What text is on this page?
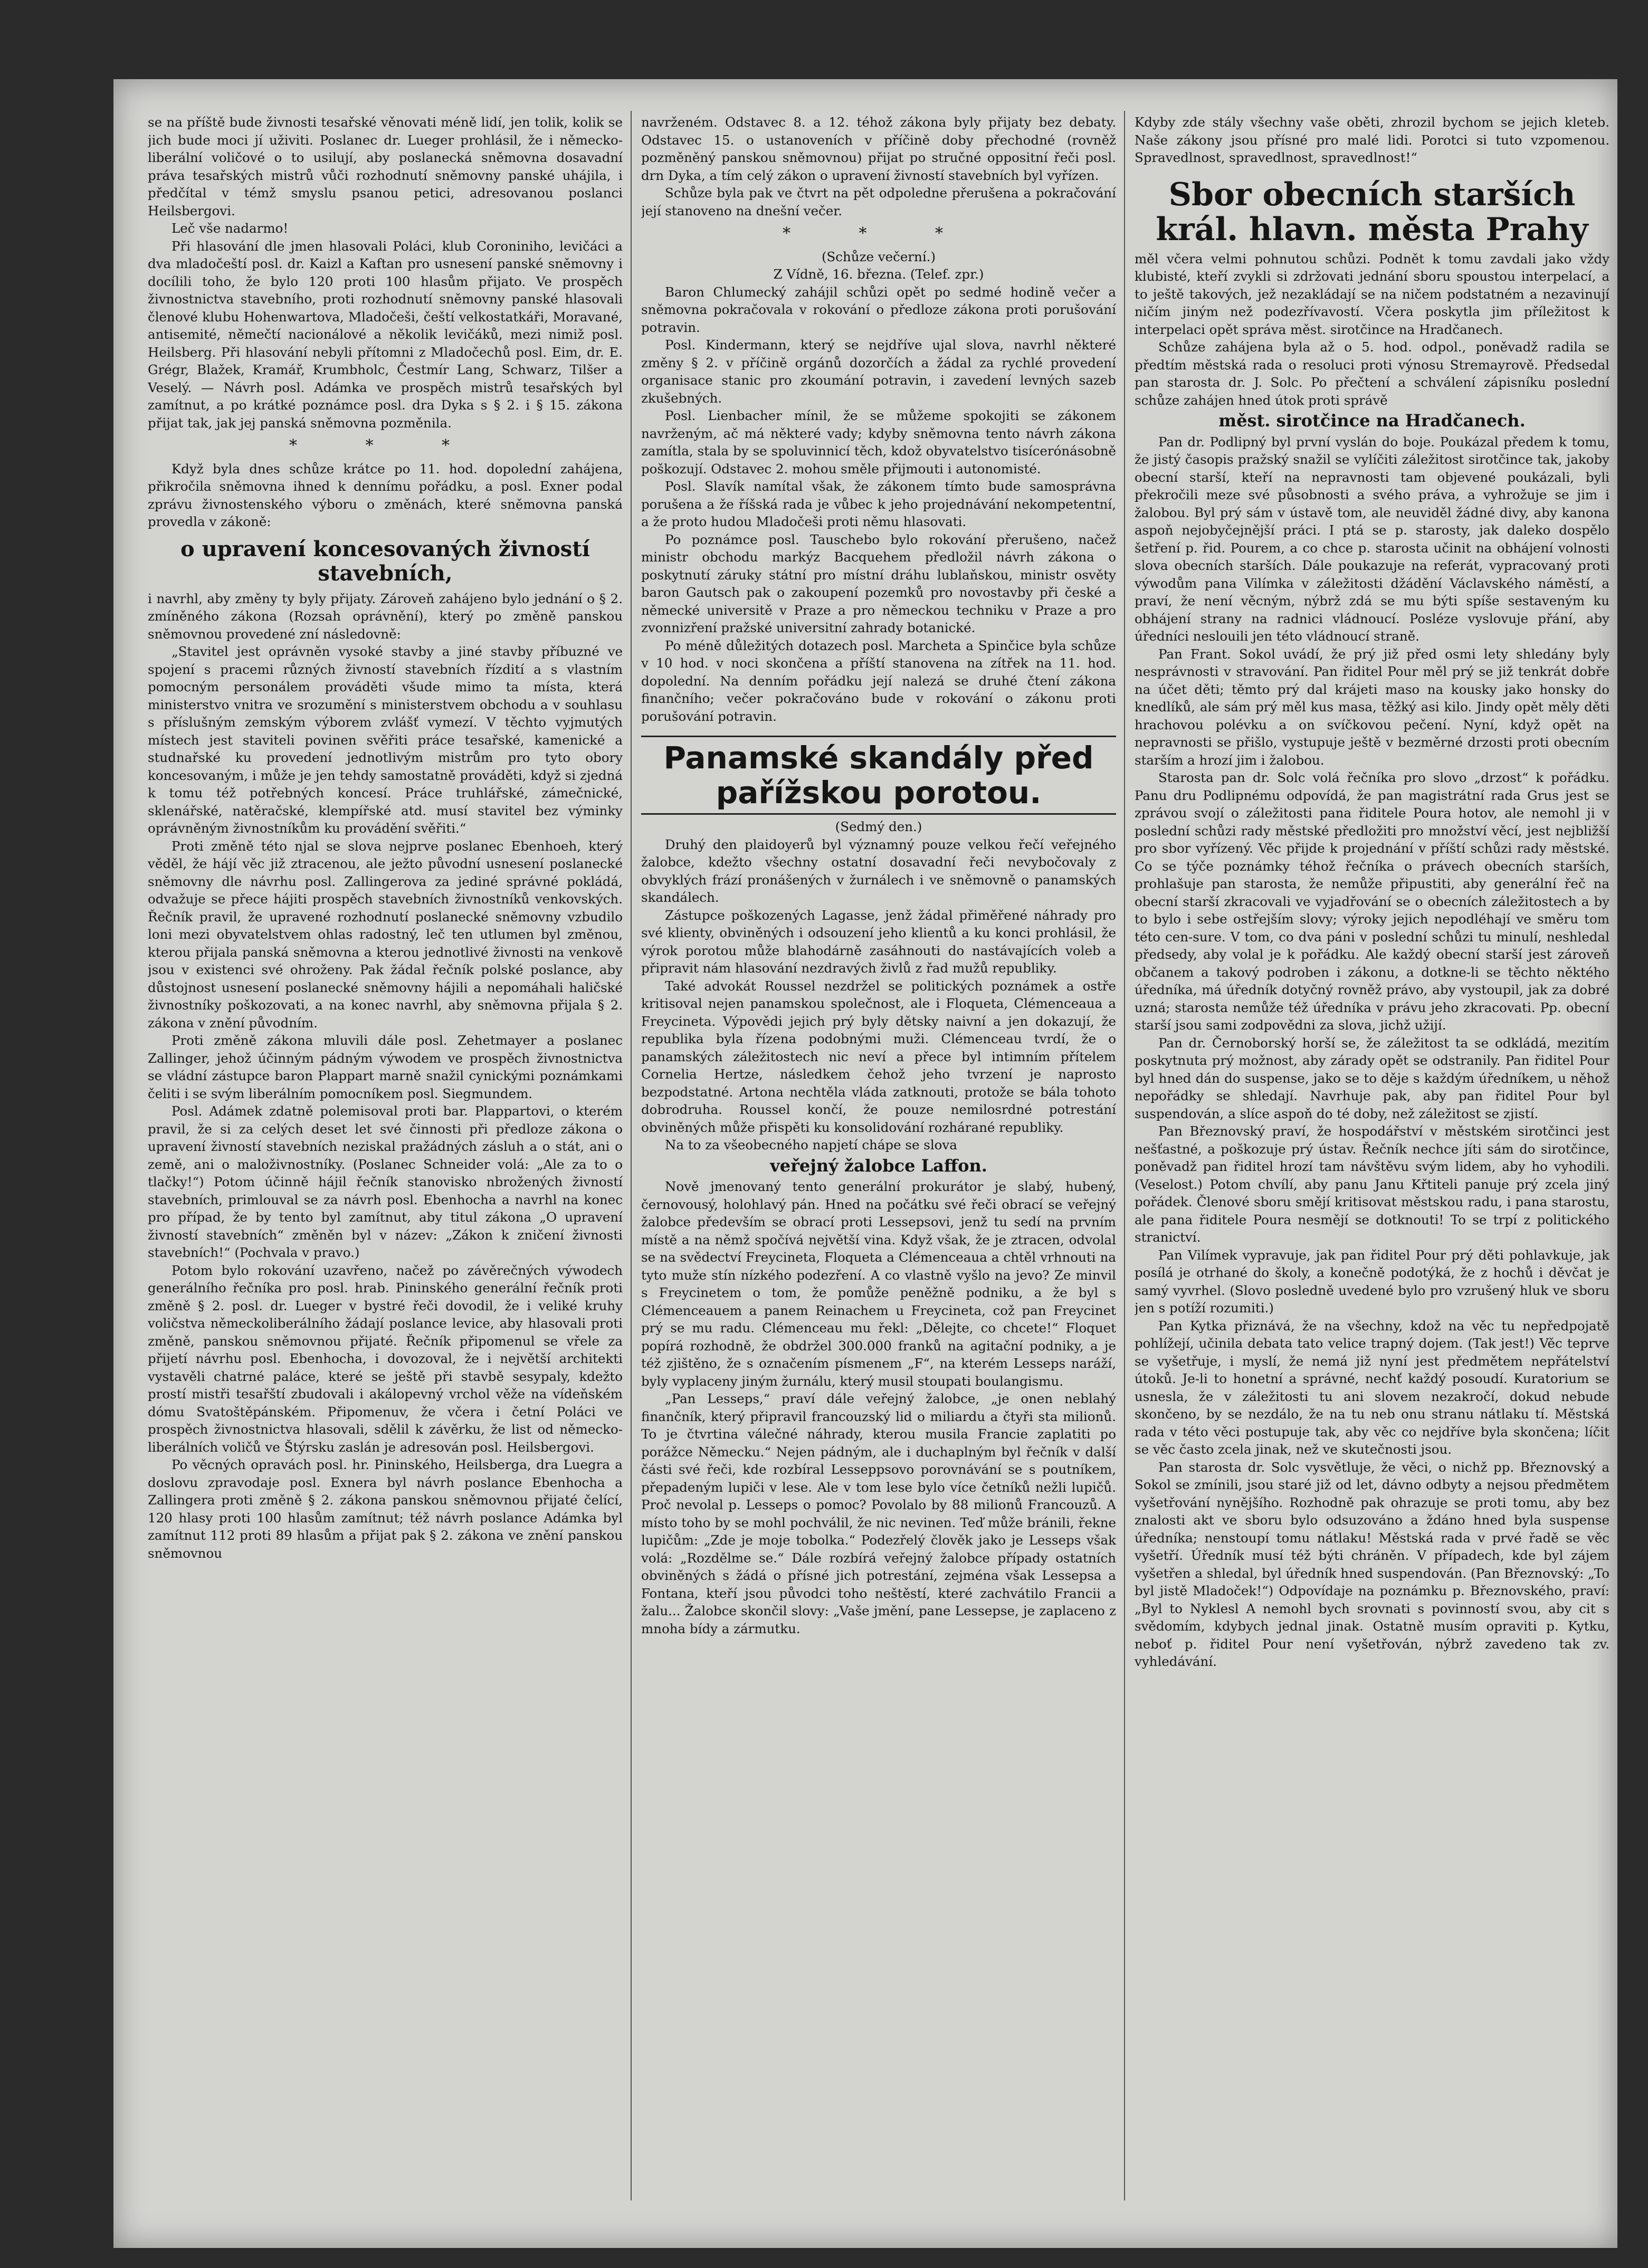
se na příště bude živnosti tesařské věnovati méně lidí, jen tolik, kolik se jich bude moci jí uživiti. Poslanec dr. Lueger prohlásil, že i německo-liberální voličové o to usilují, aby poslanecká sněmovna dosavadní práva tesařských mistrů vůči rozhodnutí sněmovny panské uhájila, i předčítal v témž smyslu psanou petici, adresovanou poslanci Heilsbergovi.

Leč vše nadarmo!

Při hlasování dle jmen hlasovali Poláci, klub Coroniniho, levičáci a dva mladočeští posl. dr. Kaizl a Kaftan pro usnesení panské sněmovny i docílili toho, že bylo 120 proti 100 hlasům přijato. Ve prospěch živnostnictva stavebního, proti rozhodnutí sněmovny panské hlasovali členové klubu Hohenwartova, Mladočeši, čeští velkostatkáři, Moravané, antisemité, němečtí nacionálové a několik levičáků, mezi nimiž posl. Heilsberg. Při hlasování nebyli přítomni z Mladočechů posl. Eim, dr. E. Grégr, Blažek, Kramář, Krumbholc, Čestmír Lang, Schwarz, Tilšer a Veselý. — Návrh posl. Adámka ve prospěch mistrů tesařských byl zamítnut, a po krátké poznámce posl. dra Dyka s § 2. i § 15. zákona přijat tak, jak jej panská sněmovna pozměnila.

* * *

Když byla dnes schůze krátce po 11. hod. dopolední zahájena, přikročila sněmovna ihned k dennímu pořádku, a posl. Exner podal zprávu živnostenského výboru o změnách, které sněmovna panská provedla v zákoně:

o upravení koncesovaných živností stavebních,

i navrhl, aby změny ty byly přijaty. Zároveň zahájeno bylo jednání o § 2. zmíněného zákona (Rozsah oprávnění), který po změně panskou sněmovnou provedené zní následovně:

„Stavitel jest oprávněn vysoké stavby a jiné stavby příbuzné ve spojení s pracemi různých živností stavebních řízdití a s vlastním pomocným personálem prováděti všude mimo ta místa, která ministerstvo vnitra ve srozumění s ministerstvem obchodu a v souhlasu s příslušným zemským výborem zvlášť vymezí. V těchto vyjmutých místech jest staviteli povinen svěřiti práce tesařské, kamenické a studnařské ku provedení jednotlivým mistrům pro tyto obory koncesovaným, i může je jen tehdy samostatně prováděti, když si zjedná k tomu též potřebných koncesí. Práce truhlářské, zámečnické, sklenářské, natěračské, klempířské atd. musí stavitel bez výminky oprávněným živnostníkům ku provádění svěřiti.“

Proti změně této njal se slova nejprve poslanec Ebenhoeh, který věděl, že hájí věc již ztracenou, ale ježto původní usnesení poslanecké sněmovny dle návrhu posl. Zallingerova za jediné správné pokládá, odvažuje se přece hájiti prospěch stavebních živnostníků venkovských. Řečník pravil, že upravené rozhodnutí poslanecké sněmovny vzbudilo loni mezi obyvatelstvem ohlas radostný, leč ten utlumen byl změnou, kterou přijala panská sněmovna a kterou jednotlivé živnosti na venkově jsou v existenci své ohroženy. Pak žádal řečník polské poslance, aby důstojnost usnesení poslanecké sněmovny hájili a nepomáhali haličské živnostníky poškozovati, a na konec navrhl, aby sněmovna přijala § 2. zákona v znění původním.

Proti změně zákona mluvili dále posl. Zehetmayer a poslanec Zallinger, jehož účinným pádným výwodem ve prospěch živnostnictva se vládní zástupce baron Plappart marně snažil cynickými poznámkami čeliti i se svým liberálním pomocníkem posl. Siegmundem.

Posl. Adámek zdatně polemisoval proti bar. Plappartovi, o kterém pravil, že si za celých deset let své činnosti při předloze zákona o upravení živností stavebních neziskal pražádných zásluh a o stát, ani o země, ani o maloživnostníky. (Poslanec Schneider volá: „Ale za to o tlačky!“) Potom účinně hájil řečník stanovisko nbrožených živností stavebních, primlouval se za návrh posl. Ebenhocha a navrhl na konec pro případ, že by tento byl zamítnut, aby titul zákona „O upravení živností stavebních“ změněn byl v název: „Zákon k zničení živnosti stavebních!“ (Pochvala v pravo.)

Potom bylo rokování uzavřeno, načež po závěrečných výwodech generálního řečníka pro posl. hrab. Pininského generální řečník proti změně § 2. posl. dr. Lueger v bystré řeči dovodil, že i veliké kruhy voličstva německoliberálního žádají poslance levice, aby hlasovali proti změně, panskou sněmovnou přijaté. Řečník připomenul se vřele za přijetí návrhu posl. Ebenhocha, i dovozoval, že i největší architekti vystavěli chatrné paláce, které se ještě při stavbě sesypaly, kdežto prostí mistři tesařští zbudovali i akálopevný vrchol věže na vídeňském dómu Svatoštěpánském. Připomenuv, že včera i četní Poláci ve prospěch živnostnictva hlasovali, sdělil k závěrku, že list od německo-liberálních voličů ve Štýrsku zaslán je adresován posl. Heilsbergovi.

Po věcných opravách posl. hr. Pininského, Heilsberga, dra Luegra a doslovu zpravodaje posl. Exnera byl návrh poslance Ebenhocha a Zallingera proti změně § 2. zákona panskou sněmovnou přijaté čelící, 120 hlasy proti 100 hlasům zamítnut; též návrh poslance Adámka byl zamítnut 112 proti 89 hlasům a přijat pak § 2. zákona ve znění panskou sněmovnou

navrženém. Odstavec 8. a 12. téhož zákona byly přijaty bez debaty. Odstavec 15. o ustanoveních v příčině doby přechodné (rovněž pozměněný panskou sněmovnou) přijat po stručné oppositní řeči posl. drn Dyka, a tím celý zákon o upravení živností stavebních byl vyřízen.

Schůze byla pak ve čtvrt na pět odpoledne přerušena a pokračování její stanoveno na dnešní večer.

* * *

(Schůze večerní.)

Z Vídně, 16. března. (Telef. zpr.)

Baron Chlumecký zahájil schůzi opět po sedmé hodině večer a sněmovna pokračovala v rokování o předloze zákona proti porušování potravin.

Posl. Kindermann, který se nejdříve ujal slova, navrhl některé změny § 2. v příčině orgánů dozorčích a žádal za rychlé provedení organisace stanic pro zkoumání potravin, i zavedení levných sazeb zkušebných.

Posl. Lienbacher mínil, že se můžeme spokojiti se zákonem navrženým, ač má některé vady; kdyby sněmovna tento návrh zákona zamítla, stala by se spoluvinnicí těch, kdož obyvatelstvo tisícerónásobně poškozují. Odstavec 2. mohou směle přijmouti i autonomisté.

Posl. Slavík namítal však, že zákonem tímto bude samosprávna porušena a že říšská rada je vůbec k jeho projednávání nekompetentní, a že proto hudou Mladočeši proti němu hlasovati.

Po poznámce posl. Tauschebo bylo rokování přerušeno, načež ministr obchodu markýz Bacquehem předložil návrh zákona o poskytnutí záruky státní pro místní dráhu lublaňskou, ministr osvěty baron Gautsch pak o zakoupení pozemků pro novostavby při české a německé universitě v Praze a pro německou techniku v Praze a pro zvonnizření pražské universitní zahrady botanické.

Po méně důležitých dotazech posl. Marcheta a Spinčice byla schůze v 10 hod. v noci skončena a příští stanovena na zítřek na 11. hod. dopolední. Na denním pořádku její nalezá se druhé čtení zákona finančního; večer pokračováno bude v rokování o zákonu proti porušování potravin.

Panamské skandály před pařížskou porotou.

(Sedmý den.)

Druhý den plaidoyerů byl významný pouze velkou řečí veřejného žalobce, kdežto všechny ostatní dosavadní řeči nevybočovaly z obvyklých frází pronášených v žurnálech i ve sněmovně o panamských skandálech.

Zástupce poškozených Lagasse, jenž žádal přiměřené náhrady pro své klienty, obviněných i odsouzení jeho klientů a ku konci prohlásil, že výrok porotou může blahodárně zasáhnouti do nastávajících voleb a připravit nám hlasování nezdravých živlů z řad mužů republiky.

Také advokát Roussel nezdržel se politických poznámek a ostře kritisoval nejen panamskou společnost, ale i Floqueta, Clémenceaua a Freycineta. Výpovědi jejich prý byly dětsky naivní a jen dokazují, že republika byla řízena podobnými muži. Clémenceau tvrdí, že o panamských záležitostech nic neví a přece byl intimním přítelem Cornelia Hertze, následkem čehož jeho tvrzení je naprosto bezpodstatné. Artona nechtěla vláda zatknouti, protože se bála tohoto dobrodruha. Roussel končí, že pouze nemilosrdné potrestání obviněných může přispěti ku konsolidování rozhárané republiky.

Na to za všeobecného napjetí chápe se slova

veřejný žalobce Laffon.

Nově jmenovaný tento generální prokurátor je slabý, hubený, černovousý, holohlavý pán. Hned na počátku své řeči obrací se veřejný žalobce především se obrací proti Lessepsovi, jenž tu sedí na prvním místě a na němž spočívá největší vina. Když však, že je ztracen, odvolal se na svědectví Freycineta, Floqueta a Clémenceaua a chtěl vrhnouti na tyto muže stín nízkého podezření. A co vlastně vyšlo na jevo? Ze minvil s Freycinetem o tom, že pomůže peněžně podniku, a že byl s Clémenceauem a panem Reinachem u Freycineta, což pan Freycinet prý se mu radu. Clémenceau mu řekl: „Dělejte, co chcete!“ Floquet popírá rozhodně, že obdržel 300.000 franků na agitační podniky, a je též zjištěno, že s označením písmenem „F“, na kterém Lesseps naráží, byly vyplaceny jiným žurnálu, který musil stoupati boulangismu.

„Pan Lesseps,“ praví dále veřejný žalobce, „je onen neblahý finančník, který připravil francouzský lid o miliardu a čtyři sta milionů. To je čtvrtina válečné náhrady, kterou musila Francie zaplatiti po porážce Německu.“ Nejen pádným, ale i duchaplným byl řečník v další části své řeči, kde rozbíral Lesseppsovo porovnávání se s poutníkem, přepadeným lupiči v lese. Ale v tom lese bylo více četníků nežli lupičů. Proč nevolal p. Lesseps o pomoc? Povolalo by 88 milionů Francouzů. A místo toho by se mohl pochválil, že nic nevinen. Teď může bránili, řekne lupičům: „Zde je moje tobolka.“ Podezřelý člověk jako je Lesseps však volá: „Rozdělme se.“ Dále rozbírá veřejný žalobce případy ostatních obviněných s žádá o přísné jich potrestání, zejména však Lessepsa a Fontana, kteří jsou původci toho neštěstí, které zachvátilo Francii a žalu... Žalobce skončil slovy: „Vaše jmění, pane Lessepse, je zaplaceno z mnoha bídy a zármutku.

Kdyby zde stály všechny vaše oběti, zhrozil bychom se jejich kleteb. Naše zákony jsou přísné pro malé lidi. Porotci si tuto vzpomenou. Spravedlnost, spravedlnost, spravedlnost!“

Sbor obecních starších král. hlavn. města Prahy

měl včera velmi pohnutou schůzi. Podnět k tomu zavdali jako vždy klubisté, kteří zvykli si zdržovati jednání sboru spoustou interpelací, a to ještě takových, jež nezakládají se na ničem podstatném a nezavinují ničím jiným než podezřívavostí. Včera poskytla jim příležitost k interpelaci opět správa měst. sirotčince na Hradčanech.

Schůze zahájena byla až o 5. hod. odpol., poněvadž radila se předtím městská rada o resoluci proti výnosu Stremayrově. Předsedal pan starosta dr. J. Solc. Po přečtení a schválení zápisníku poslední schůze zahájen hned útok proti správě

měst. sirotčince na Hradčanech.

Pan dr. Podlipný byl první vyslán do boje. Poukázal předem k tomu, že jistý časopis pražský snažil se vylíčiti záležitost sirotčince tak, jakoby obecní starší, kteří na nepravnosti tam objevené poukázali, byli překročili meze své působnosti a svého práva, a vyhrožuje se jim i žalobou. Byl prý sám v ústavě tom, ale neuviděl žádné divy, aby kanona aspoň nejobyčejnější práci. I ptá se p. starosty, jak daleko dospělo šetření p. řid. Pourem, a co chce p. starosta učinit na obhájení volnosti slova obecních starších. Dále poukazuje na referát, vypracovaný proti výwodům pana Vilímka v záležitosti džádění Václavského náměstí, a praví, že není věcným, nýbrž zdá se mu býti spíše sestaveným ku obhájení strany na radnici vládnoucí. Posléze vyslovuje přání, aby úředníci neslouili jen této vládnoucí straně.

Pan Frant. Sokol uvádí, že prý již před osmi lety shledány byly nesprávnosti v stravování. Pan řiditel Pour měl prý se již tenkrát dobře na účet děti; těmto prý dal krájeti maso na kousky jako honsky do knedlíků, ale sám prý měl kus masa, těžký asi kilo. Jindy opět měly děti hrachovou polévku a on svíčkovou pečení. Nyní, když opět na nepravnosti se přišlo, vystupuje ještě v bezměrné drzosti proti obecním starším a hrozí jim i žalobou.

Starosta pan dr. Solc volá řečníka pro slovo „drzost“ k pořádku. Panu dru Podlipnému odpovídá, že pan magistrátní rada Grus jest se zprávou svojí o záležitosti pana řiditele Poura hotov, ale nemohl ji v poslední schůzi rady městské předložiti pro množství věcí, jest nejbližší pro sbor vyřízený. Věc přijde k projednání v příští schůzi rady městské. Co se týče poznámky téhož řečníka o právech obecních starších, prohlašuje pan starosta, že nemůže připustiti, aby generální řeč na obecní starší zkracovali ve vyjadřování se o obecních záležitostech a by to bylo i sebe ostřejším slovy; výroky jejich nepodléhají ve směru tom této cen-sure. V tom, co dva páni v poslední schůzi tu minulí, neshledal předsedy, aby volal je k pořádku. Ale každý obecní starší jest zároveň občanem a takový podroben i zákonu, a dotkne-li se těchto něktého úředníka, má úředník dotyčný rovněž právo, aby vystoupil, jak za dobré uzná; starosta nemůže též úředníka v právu jeho zkracovati. Pp. obecní starší jsou sami zodpovědni za slova, jichž užijí.

Pan dr. Černoborský horší se, že záležitost ta se odkládá, mezitím poskytnuta prý možnost, aby zárady opět se odstranily. Pan řiditel Pour byl hned dán do suspense, jako se to děje s každým úředníkem, u něhož nepořádky se shledají. Navrhuje pak, aby pan řiditel Pour byl suspendován, a slíce aspoň do té doby, než záležitost se zjistí.

Pan Březnovský praví, že hospodářství v městském sirotčinci jest nešťastné, a poškozuje prý ústav. Řečník nechce jíti sám do sirotčince, poněvadž pan řiditel hrozí tam návštěvu svým lidem, aby ho vyhodili. (Veselost.) Potom chvílí, aby panu Janu Křtiteli panuje prý zcela jiný pořádek. Členové sboru smějí kritisovat městskou radu, i pana starostu, ale pana řiditele Poura nesmějí se dotknouti! To se trpí z politického stranictví.

Pan Vilímek vypravuje, jak pan řiditel Pour prý děti pohlavkuje, jak posílá je otrhané do školy, a konečně podotýká, že z hochů i děvčat je samý vyvrhel. (Slovo posledně uvedené bylo pro vzrušený hluk ve sboru jen s potíží rozumiti.)

Pan Kytka přiznává, že na všechny, kdož na věc tu nepředpojatě pohlížejí, učinila debata tato velice trapný dojem. (Tak jest!) Věc teprve se vyšetřuje, i myslí, že nemá již nyní jest předmětem nepřátelství útoků. Je-li to honetní a správné, nechť každý posoudí. Kuratorium se usnesla, že v záležitosti tu ani slovem nezakročí, dokud nebude skončeno, by se nezdálo, že na tu neb onu stranu nátlaku tí. Městská rada v této věci postupuje tak, aby věc co nejdříve byla skončena; líčit se věc často zcela jinak, než ve skutečnosti jsou.

Pan starosta dr. Solc vysvětluje, že věci, o nichž pp. Březnovský a Sokol se zmínili, jsou staré již od let, dávno odbyty a nejsou předmětem vyšetřování nynějšího. Rozhodně pak ohrazuje se proti tomu, aby bez znalosti akt ve sboru bylo odsuzováno a ždáno hned byla suspense úředníka; nenstoupí tomu nátlaku! Městská rada v prvé řadě se věc vyšetří. Úředník musí též býti chráněn. V případech, kde byl zájem vyšetřen a shledal, byl úředník hned suspendován. (Pan Březnovský: „To byl jistě Mladoček!“) Odpovídaje na poznámku p. Březnovského, praví: „Byl to Nyklesl A nemohl bych srovnati s povinností svou, aby cit s svědomím, kdybych jednal jinak. Ostatně musím opraviti p. Kytku, neboť p. řiditel Pour není vyšetřován, nýbrž zavedeno tak zv. vyhledávání.
